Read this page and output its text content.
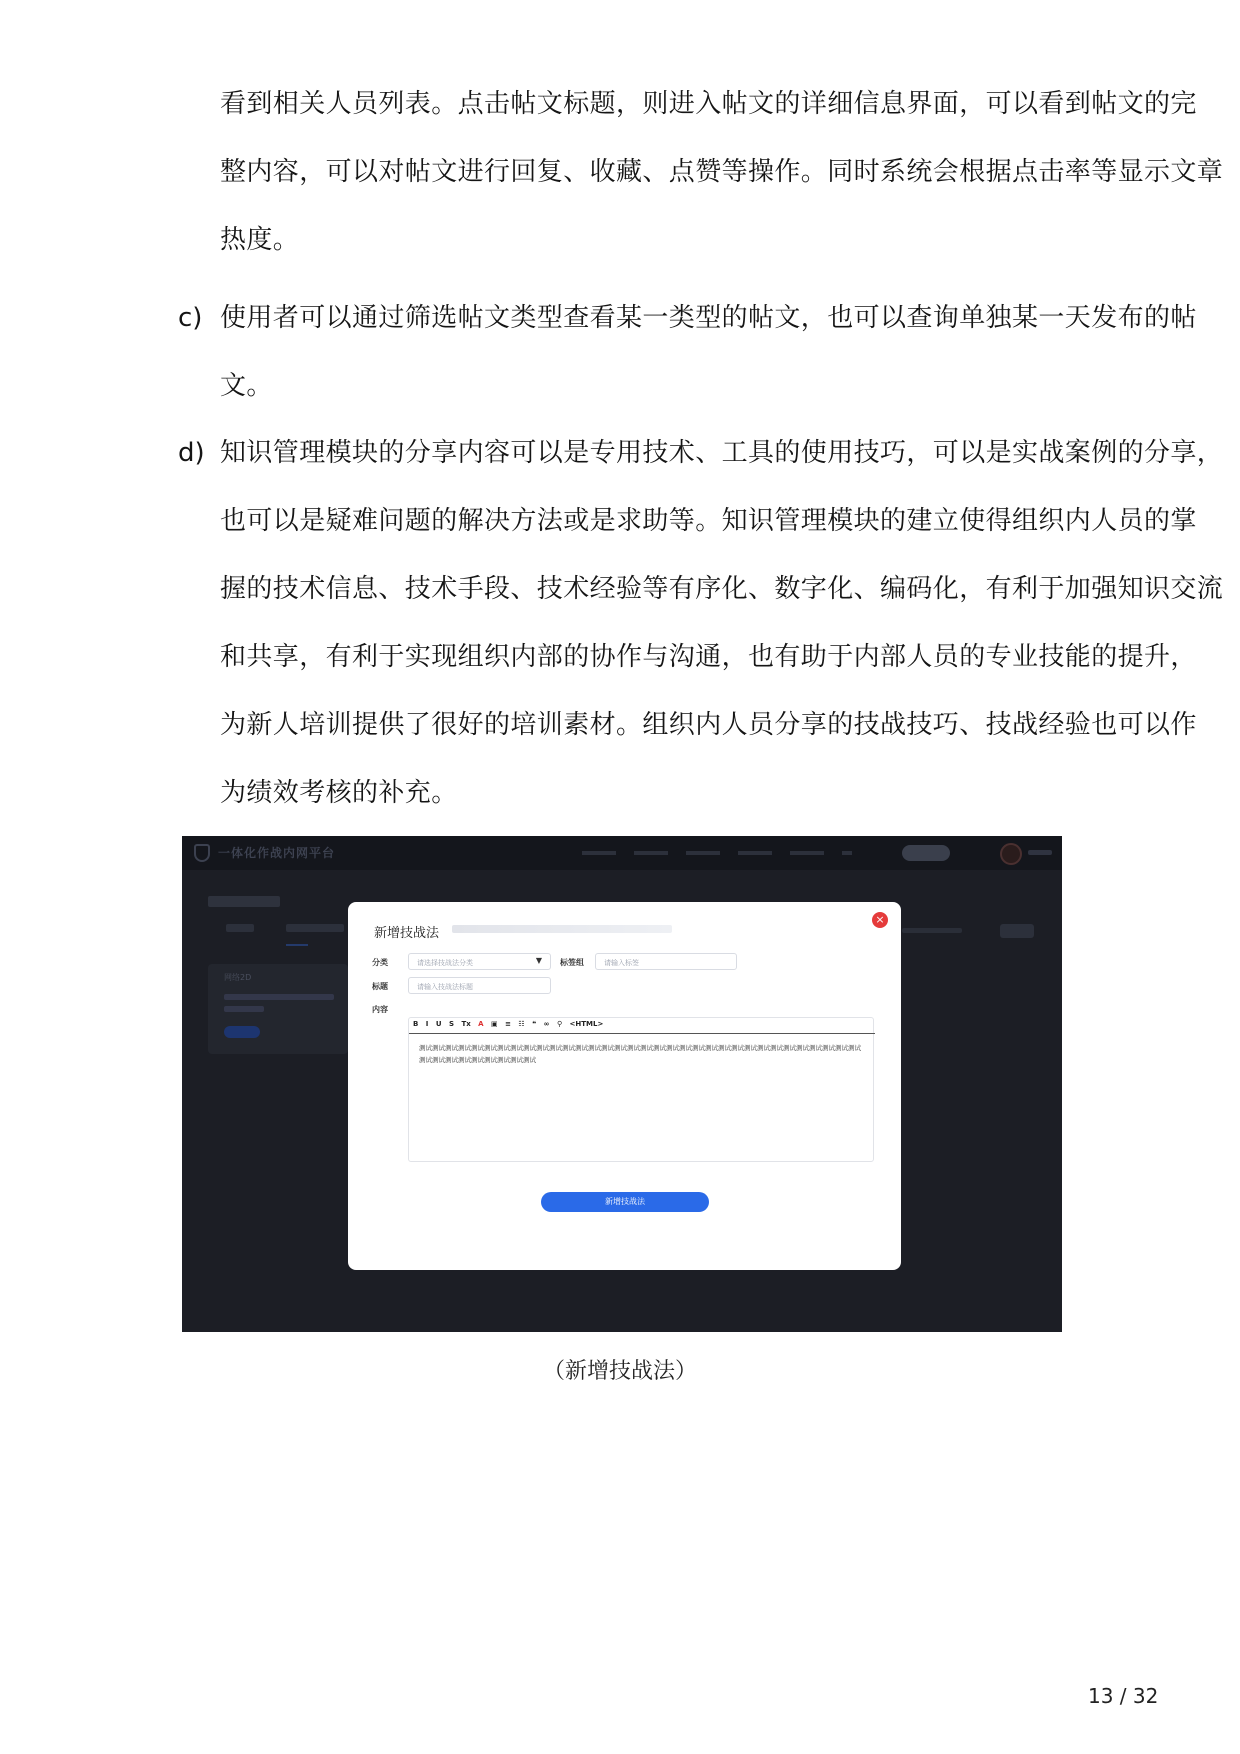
看到相关人员列表。点击帖文标题，则进入帖文的详细信息界面，可以看到帖文的完
整内容，可以对帖文进行回复、收藏、点赞等操作。同时系统会根据点击率等显示文章
热度。
c) 使用者可以通过筛选帖文类型查看某一类型的帖文，也可以查询单独某一天发布的帖
文。
d) 知识管理模块的分享内容可以是专用技术、工具的使用技巧，可以是实战案例的分享，
也可以是疑难问题的解决方法或是求助等。知识管理模块的建立使得组织内人员的掌
握的技术信息、技术手段、技术经验等有序化、数字化、编码化，有利于加强知识交流
和共享，有利于实现组织内部的协作与沟通，也有助于内部人员的专业技能的提升，
为新人培训提供了很好的培训素材。组织内人员分享的技战技巧、技战经验也可以作
为绩效考核的补充。
一体化作战内网平台
网络2D
新增技战法
×
分类	请选择技战法分类	▼ 标签组	请输入标签
标题	请输入技战法标题
内容
B I U S Tx A ▣ ≡ ☷ ❝ ∞ ⚲ <HTML>
测试测试测试测试测试测试测试测试测试测试测试测试测试测试测试测试测试测试测试测试测试测试测试测试测试测试测试测试测试测试测试测试测试测试测试测试测试测试测试测试测试测试测试
新增技战法
（新增技战法）
13 / 32
